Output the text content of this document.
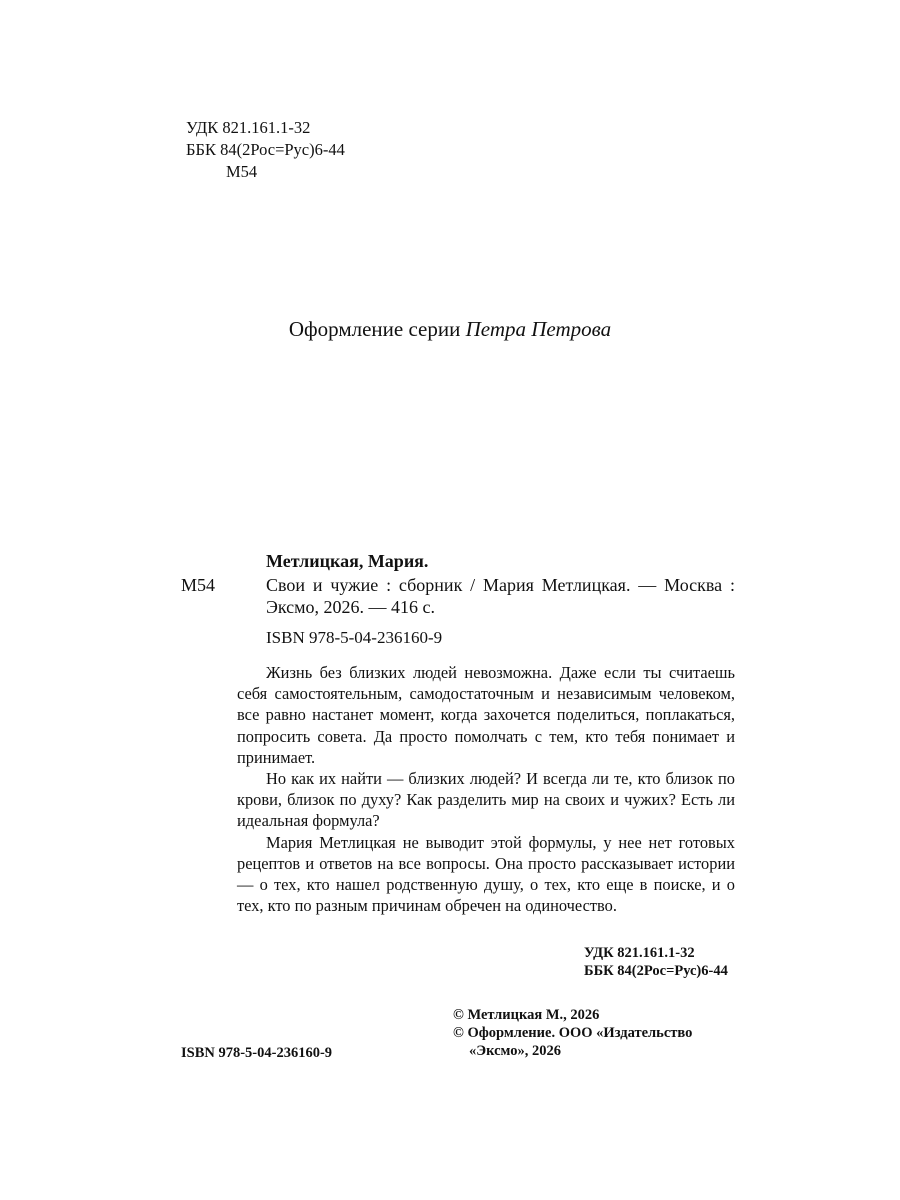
УДК 821.161.1-32
ББК 84(2Рос=Рус)6-44
М54
Оформление серии Петра Петрова
Метлицкая, Мария.
М54	Свои и чужие : сборник / Мария Метлицкая. — Москва : Эксмо, 2026. — 416 с.
ISBN 978-5-04-236160-9

Жизнь без близких людей невозможна. Даже если ты считаешь себя самостоятельным, самодостаточным и независимым человеком, все равно настанет момент, когда захочется поделиться, поплакаться, попросить совета. Да просто помолчать с тем, кто тебя понимает и принимает.

Но как их найти — близких людей? И всегда ли те, кто близок по крови, близок по духу? Как разделить мир на своих и чужих? Есть ли идеальная формула?

Мария Метлицкая не выводит этой формулы, у нее нет готовых рецептов и ответов на все вопросы. Она просто рассказывает истории — о тех, кто нашел родственную душу, о тех, кто еще в поиске, и о тех, кто по разным причинам обречен на одиночество.

УДК 821.161.1-32
ББК 84(2Рос=Рус)6-44
© Метлицкая М., 2026
© Оформление. ООО «Издательство
«Эксмо», 2026
ISBN 978-5-04-236160-9
